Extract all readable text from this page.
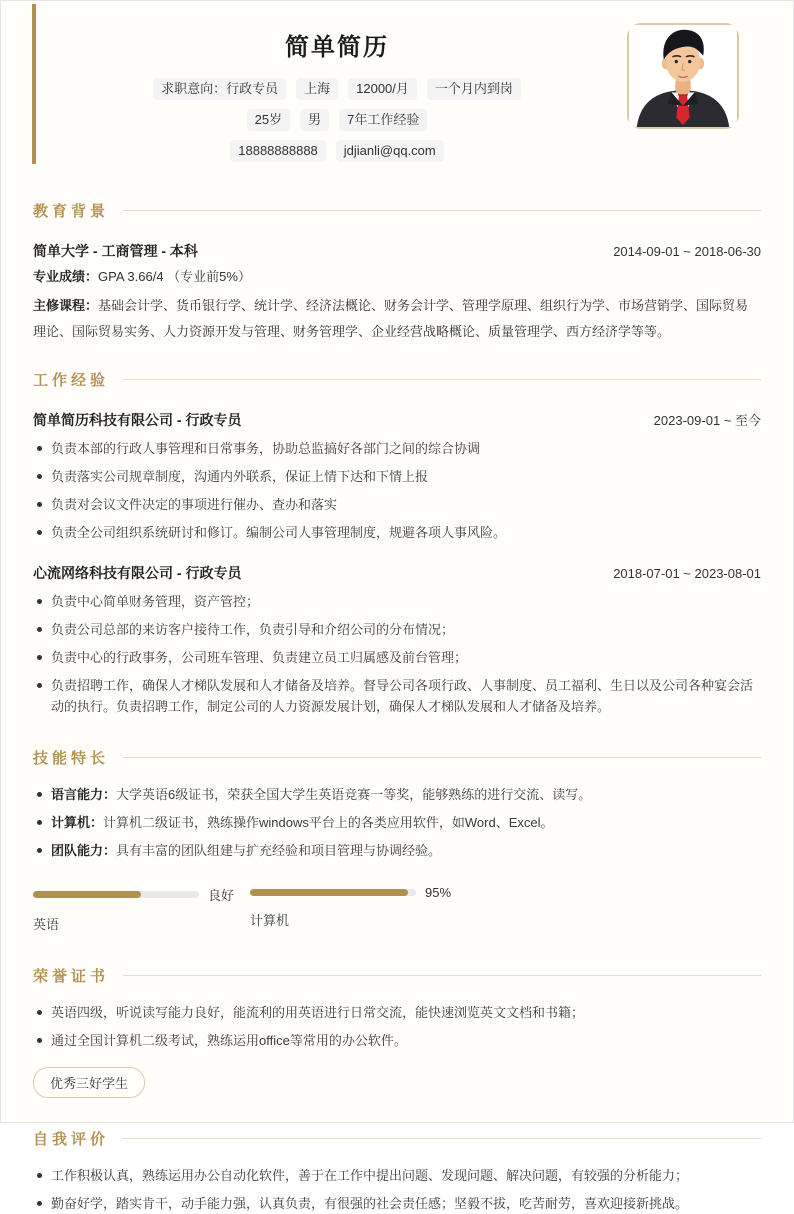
简单简历
求职意向：行政专员	上海	12000/月	一个月内到岗
25岁	男	7年工作经验
18888888888	jdjianli@qq.com
教育背景
简单大学 - 工商管理 - 本科	2014-09-01 ~ 2018-06-30
专业成绩：GPA 3.66/4 （专业前5%）
主修课程：基础会计学、货币银行学、统计学、经济法概论、财务会计学、管理学原理、组织行为学、市场营销学、国际贸易理论、国际贸易实务、人力资源开发与管理、财务管理学、企业经营战略概论、质量管理学、西方经济学等等。
工作经验
简单简历科技有限公司 - 行政专员	2023-09-01 ~ 至今
负责本部的行政人事管理和日常事务，协助总监搞好各部门之间的综合协调
负责落实公司规章制度，沟通内外联系，保证上情下达和下情上报
负责对会议文件决定的事项进行催办、查办和落实
负责全公司组织系统研讨和修订。编制公司人事管理制度，规避各项人事风险。
心流网络科技有限公司 - 行政专员	2018-07-01 ~ 2023-08-01
负责中心简单财务管理，资产管控；
负责公司总部的来访客户接待工作，负责引导和介绍公司的分布情况；
负责中心的行政事务，公司班车管理、负责建立员工归属感及前台管理；
负责招聘工作，确保人才梯队发展和人才储备及培养。督导公司各项行政、人事制度、员工福利、生日以及公司各种宴会活动的执行。负责招聘工作，制定公司的人力资源发展计划，确保人才梯队发展和人才储备及培养。
技能特长
语言能力：大学英语6级证书，荣获全国大学生英语竞赛一等奖，能够熟练的进行交流、读写。
计算机：计算机二级证书，熟练操作windows平台上的各类应用软件，如Word、Excel。
团队能力：具有丰富的团队组建与扩充经验和项目管理与协调经验。
良好
英语
95%
计算机
荣誉证书
英语四级，听说读写能力良好，能流利的用英语进行日常交流，能快速浏览英文文档和书籍；
通过全国计算机二级考试，熟练运用office等常用的办公软件。
优秀三好学生
自我评价
工作积极认真，熟练运用办公自动化软件，善于在工作中提出问题、发现问题、解决问题，有较强的分析能力；
勤奋好学，踏实肯干，动手能力强，认真负责，有很强的社会责任感；坚毅不拔，吃苦耐劳，喜欢迎接新挑战。
